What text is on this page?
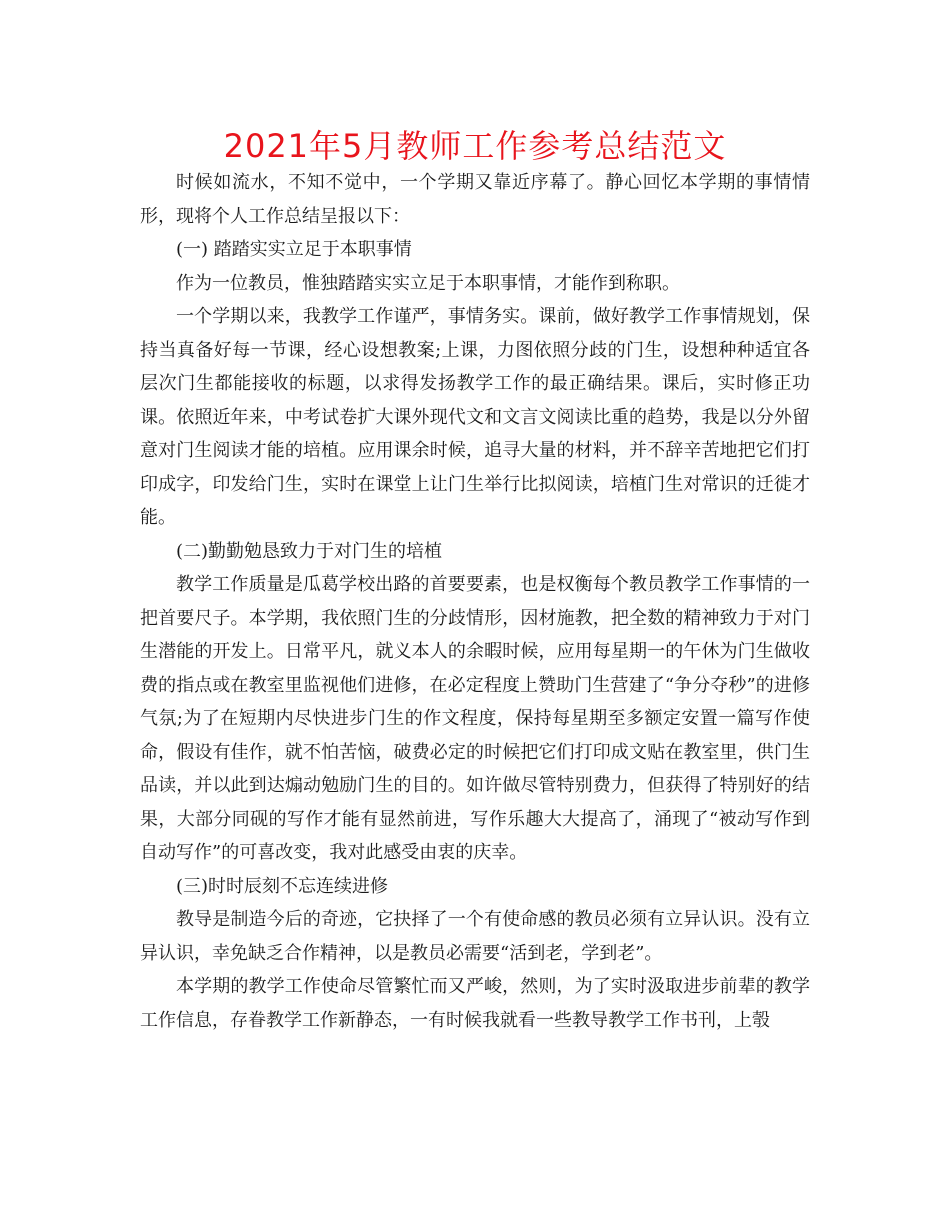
2021年5月教师工作参考总结范文

时候如流水，不知不觉中，一个学期又靠近序幕了。静心回忆本学期的事情情形，现将个人工作总结呈报以下：

(一) 踏踏实实立足于本职事情

作为一位教员，惟独踏踏实实立足于本职事情，才能作到称职。

一个学期以来，我教学工作谨严，事情务实。课前，做好教学工作事情规划，保持当真备好每一节课，经心设想教案;上课，力图依照分歧的门生，设想种种适宜各层次门生都能接收的标题，以求得发扬教学工作的最正确结果。课后，实时修正功课。依照近年来，中考试卷扩大课外现代文和文言文阅读比重的趋势，我是以分外留意对门生阅读才能的培植。应用课余时候，追寻大量的材料，并不辞辛苦地把它们打印成字，印发给门生，实时在课堂上让门生举行比拟阅读，培植门生对常识的迁徙才能。

(二)勤勤勉恳致力于对门生的培植

教学工作质量是瓜葛学校出路的首要要素，也是权衡每个教员教学工作事情的一把首要尺子。本学期，我依照门生的分歧情形，因材施教，把全数的精神致力于对门生潜能的开发上。日常平凡，就义本人的余暇时候，应用每星期一的午休为门生做收费的指点或在教室里监视他们进修，在必定程度上赞助门生营建了“争分夺秒”的进修气氛;为了在短期内尽快进步门生的作文程度，保持每星期至多额定安置一篇写作使命，假设有佳作，就不怕苦恼，破费必定的时候把它们打印成文贴在教室里，供门生品读，并以此到达煽动勉励门生的目的。如许做尽管特别费力，但获得了特别好的结果，大部分同砚的写作才能有显然前进，写作乐趣大大提高了，涌现了“被动写作到自动写作”的可喜改变，我对此感受由衷的庆幸。

(三)时时辰刻不忘连续进修

教导是制造今后的奇迹，它抉择了一个有使命感的教员必须有立异认识。没有立异认识，幸免缺乏合作精神，以是教员必需要“活到老，学到老”。

本学期的教学工作使命尽管繁忙而又严峻，然则，为了实时汲取进步前辈的教学工作信息，存眷教学工作新静态，一有时候我就看一些教导教学工作书刊，上彀
